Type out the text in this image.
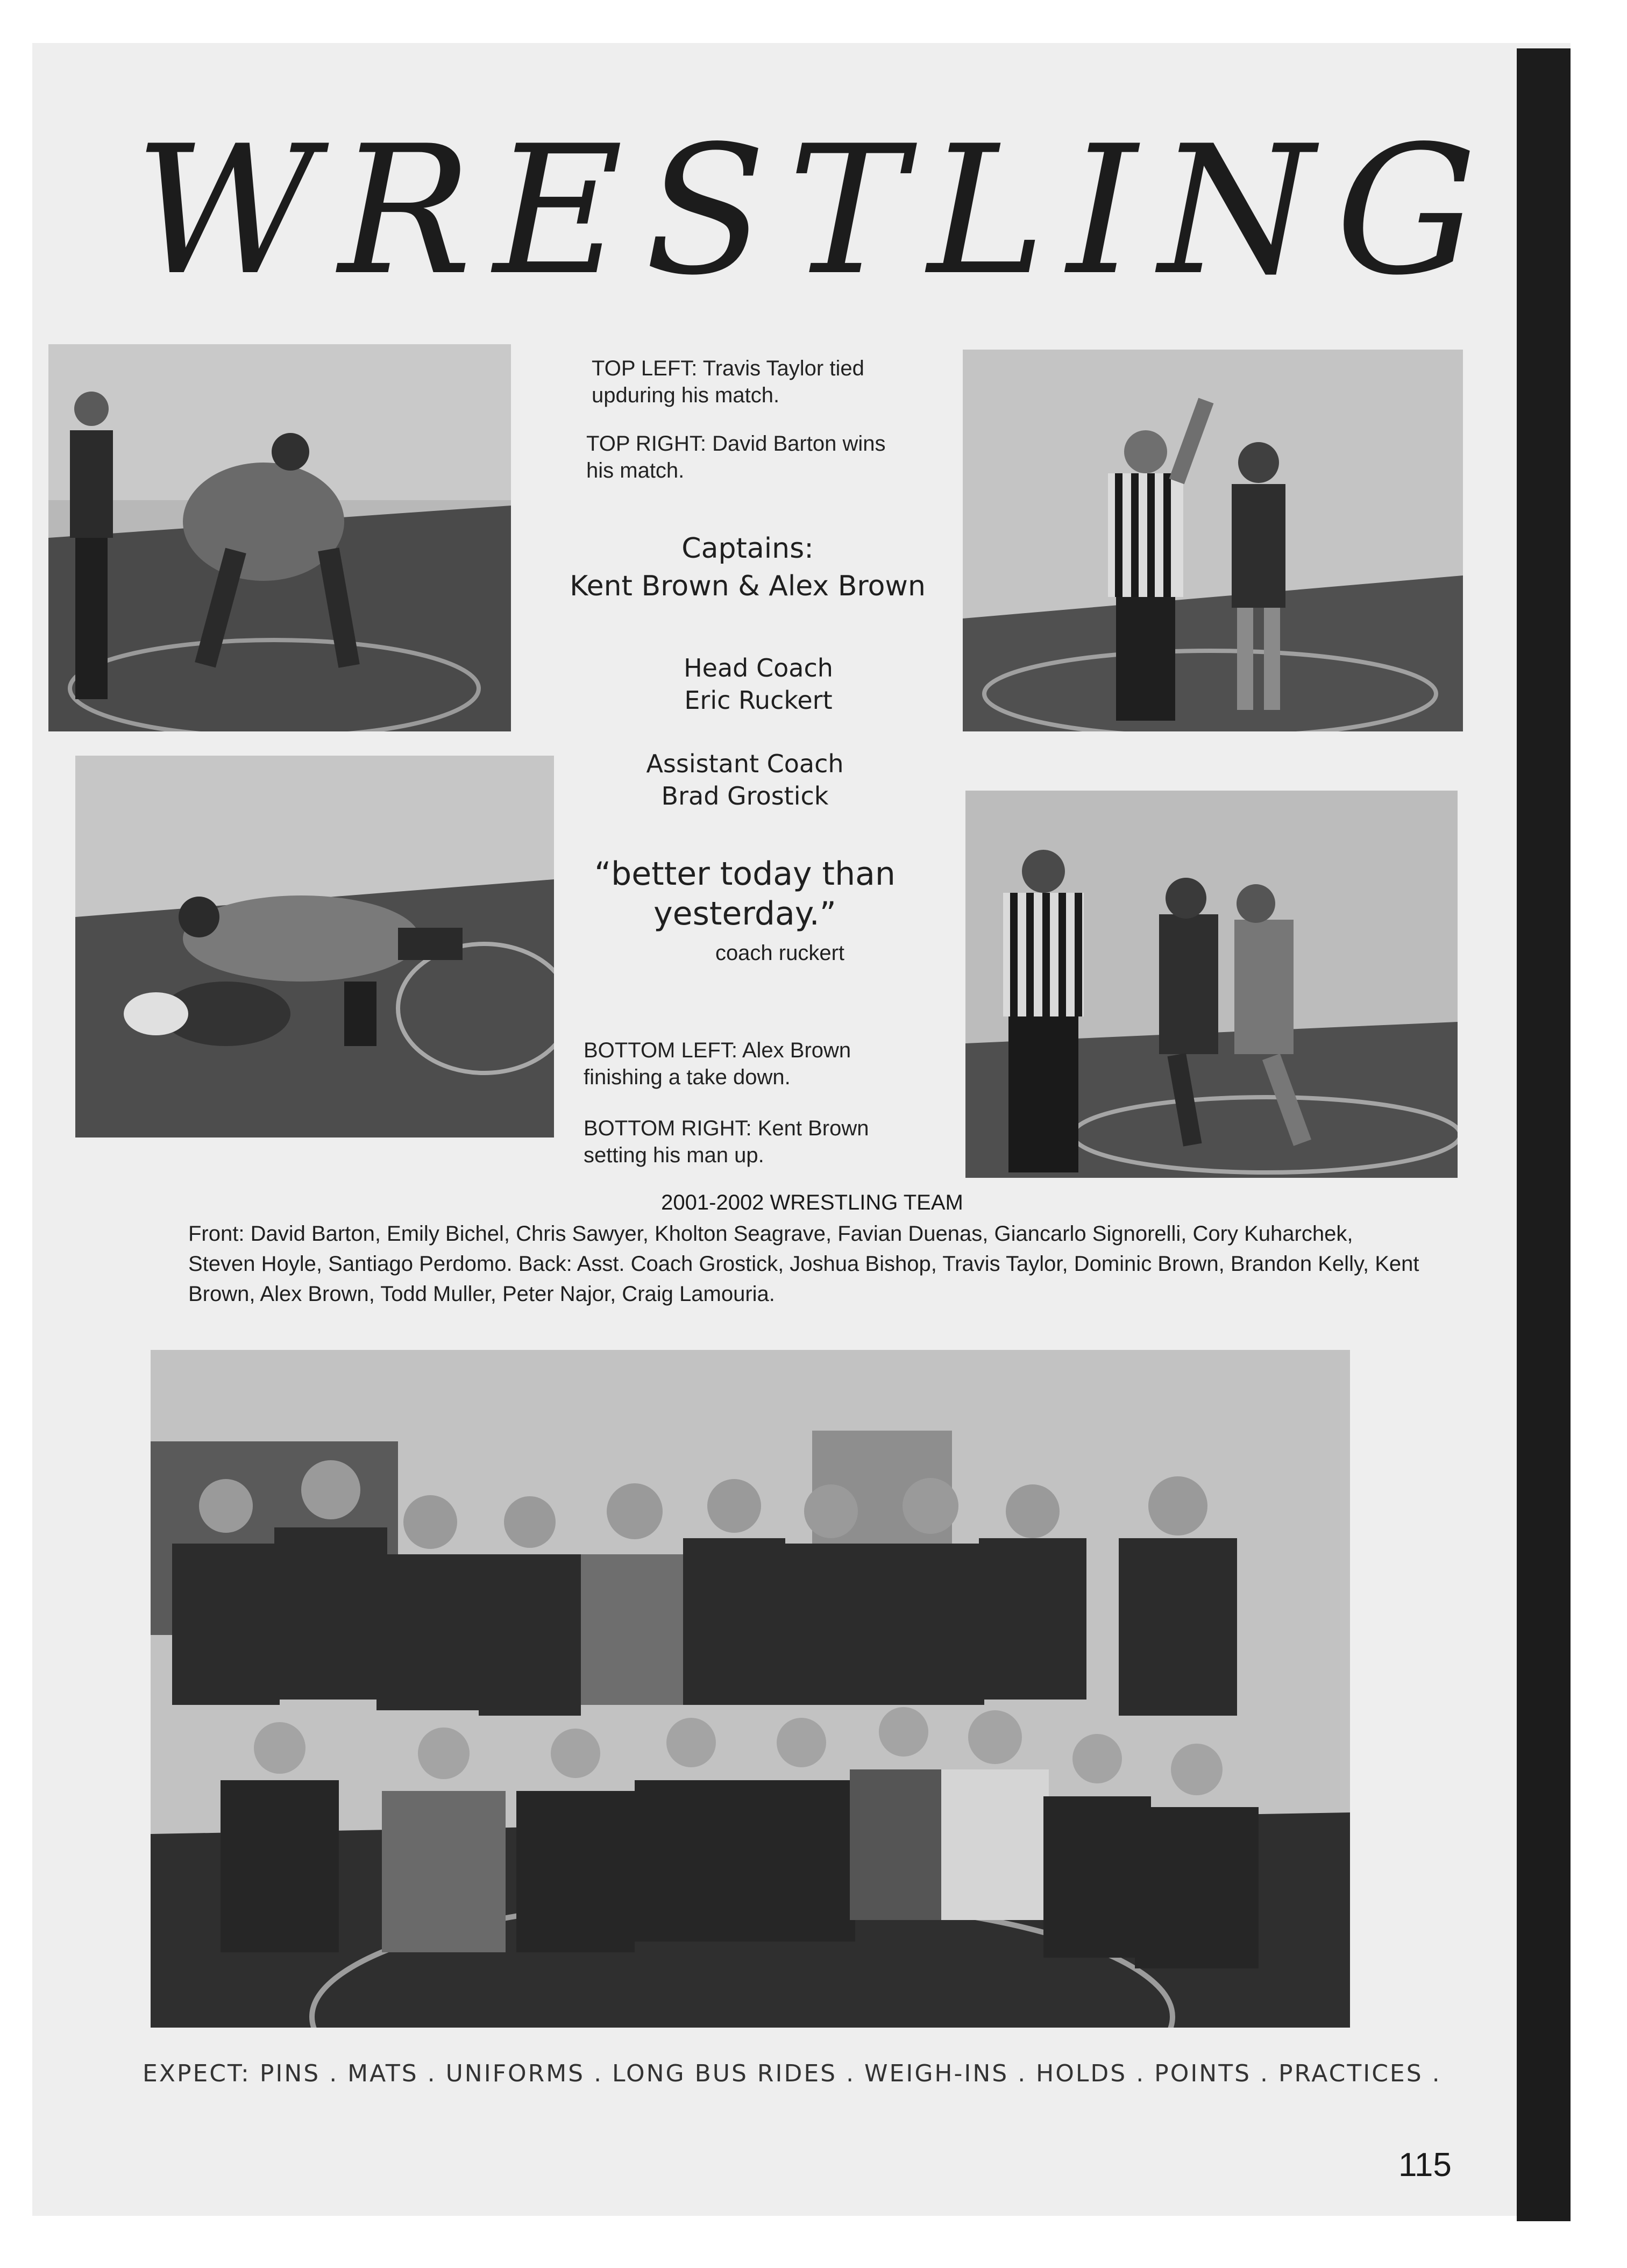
WRESTLING
TOP LEFT: Travis Taylor tied upduring his match.
TOP RIGHT: David Barton wins his match.
BOTTOM LEFT: Alex Brown finishing a take down.
BOTTOM RIGHT: Kent Brown setting his man up.
Captains:
Kent Brown & Alex Brown
Head Coach
Eric Ruckert
Assistant Coach
Brad Grostick
“better today than
yesterday.”
coach ruckert
2001-2002 WRESTLING TEAM
Front: David Barton, Emily Bichel, Chris Sawyer, Kholton Seagrave, Favian Duenas, Giancarlo Signorelli, Cory Kuharchek, Steven Hoyle, Santiago Perdomo. Back: Asst. Coach Grostick, Joshua Bishop, Travis Taylor, Dominic Brown, Brandon Kelly, Kent Brown, Alex Brown, Todd Muller, Peter Najor, Craig Lamouria.
EXPECT: PINS . MATS . UNIFORMS . LONG BUS RIDES . WEIGH-INS . HOLDS . POINTS . PRACTICES .
115
